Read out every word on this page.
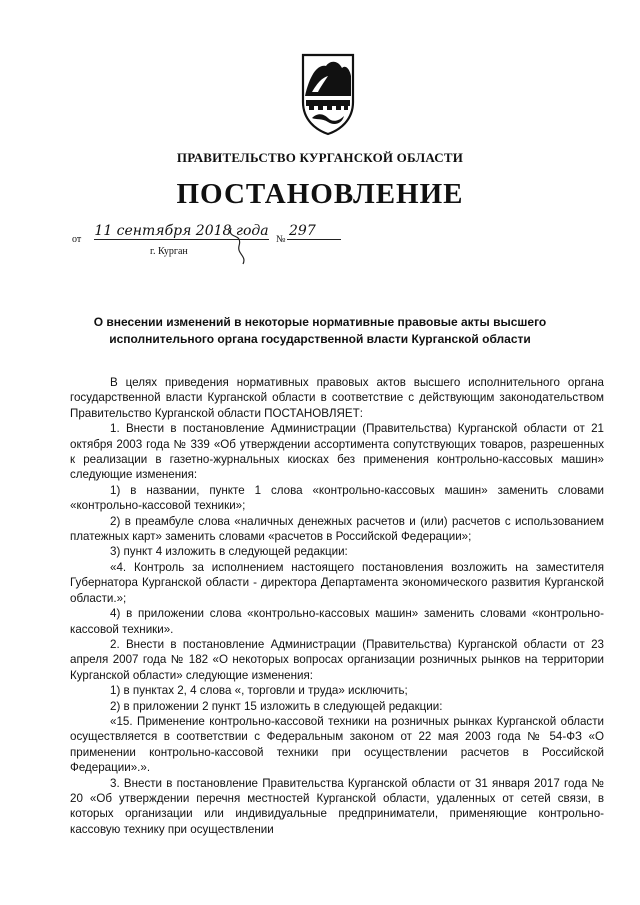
ПРАВИТЕЛЬСТВО КУРГАНСКОЙ ОБЛАСТИ
ПОСТАНОВЛЕНИЕ
от
11 сентября 2018 года
№
297
г. Курган
О внесении изменений в некоторые нормативные правовые акты высшего
исполнительного органа государственной власти Курганской области

В целях приведения нормативных правовых актов высшего исполнительного органа государственной власти Курганской области в соответствие с действующим законодательством Правительство Курганской области ПОСТАНОВЛЯЕТ:

1. Внести в постановление Администрации (Правительства) Курганской области от 21 октября 2003 года № 339 «Об утверждении ассортимента сопутствующих товаров, разрешенных к реализации в газетно-журнальных киосках без применения контрольно-кассовых машин» следующие изменения:

1) в названии, пункте 1 слова «контрольно-кассовых машин» заменить словами «контрольно-кассовой техники»;

2) в преамбуле слова «наличных денежных расчетов и (или) расчетов с использованием платежных карт» заменить словами «расчетов в Российской Федерации»;

3) пункт 4 изложить в следующей редакции:

«4. Контроль за исполнением настоящего постановления возложить на заместителя Губернатора Курганской области - директора Департамента экономического развития Курганской области.»;

4) в приложении слова «контрольно-кассовых машин» заменить словами «контрольно-кассовой техники».

2. Внести в постановление Администрации (Правительства) Курганской области от 23 апреля 2007 года № 182 «О некоторых вопросах организации розничных рынков на территории Курганской области» следующие изменения:

1) в пунктах 2, 4 слова «, торговли и труда» исключить;

2) в приложении 2 пункт 15 изложить в следующей редакции:

«15. Применение контрольно-кассовой техники на розничных рынках Курганской области осуществляется в соответствии с Федеральным законом от 22 мая 2003 года № 54-ФЗ «О применении контрольно-кассовой техники при осуществлении расчетов в Российской Федерации».».

3. Внести в постановление Правительства Курганской области от 31 января 2017 года № 20 «Об утверждении перечня местностей Курганской области, удаленных от сетей связи, в которых организации или индивидуальные предприниматели, применяющие контрольно-кассовую технику при осуществлении
